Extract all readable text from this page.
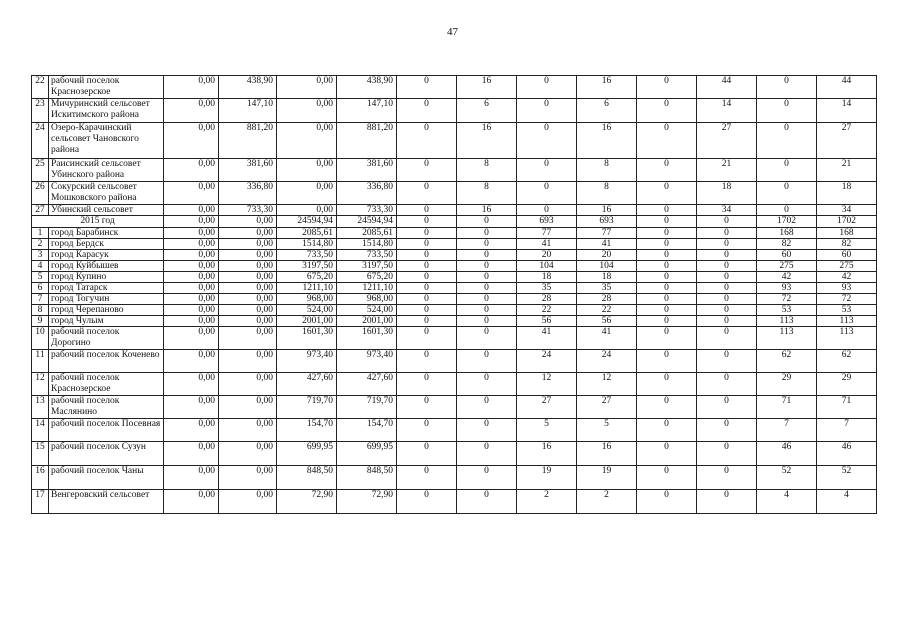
47
22	рабочий поселок Краснозерское	0,00	438,90	0,00	438,90	0	16	0	16	0	44	0	44
23	Мичуринский сельсовет Искитимского района	0,00	147,10	0,00	147,10	0	6	0	6	0	14	0	14
24	Озеро-Карачинский сельсовет Чановского района	0,00	881,20	0,00	881,20	0	16	0	16	0	27	0	27
25	Раисинский сельсовет Убинского района	0,00	381,60	0,00	381,60	0	8	0	8	0	21	0	21
26	Сокурский сельсовет Мошковского района	0,00	336,80	0,00	336,80	0	8	0	8	0	18	0	18
27	Убинский сельсовет	0,00	733,30	0,00	733,30	0	16	0	16	0	34	0	34
2015 год		0,00	0,00	24594,94	24594,94	0	0	693	693	0	0	1702	1702
1	город Барабинск	0,00	0,00	2085,61	2085,61	0	0	77	77	0	0	168	168
2	город Бердск	0,00	0,00	1514,80	1514,80	0	0	41	41	0	0	82	82
3	город Карасук	0,00	0,00	733,50	733,50	0	0	20	20	0	0	60	60
4	город Куйбышев	0,00	0,00	3197,50	3197,50	0	0	104	104	0	0	275	275
5	город Купино	0,00	0,00	675,20	675,20	0	0	18	18	0	0	42	42
6	город Татарск	0,00	0,00	1211,10	1211,10	0	0	35	35	0	0	93	93
7	город Тогучин	0,00	0,00	968,00	968,00	0	0	28	28	0	0	72	72
8	город Черепаново	0,00	0,00	524,00	524,00	0	0	22	22	0	0	53	53
9	город Чулым	0,00	0,00	2001,00	2001,00	0	0	56	56	0	0	113	113
10	рабочий поселок Дорогино	0,00	0,00	1601,30	1601,30	0	0	41	41	0	0	113	113
11	рабочий поселок Коченево	0,00	0,00	973,40	973,40	0	0	24	24	0	0	62	62
12	рабочий поселок Краснозерское	0,00	0,00	427,60	427,60	0	0	12	12	0	0	29	29
13	рабочий поселок Маслянино	0,00	0,00	719,70	719,70	0	0	27	27	0	0	71	71
14	рабочий поселок Посевная	0,00	0,00	154,70	154,70	0	0	5	5	0	0	7	7
15	рабочий поселок Сузун	0,00	0,00	699,95	699,95	0	0	16	16	0	0	46	46
16	рабочий поселок Чаны	0,00	0,00	848,50	848,50	0	0	19	19	0	0	52	52
17	Венгеровский сельсовет	0,00	0,00	72,90	72,90	0	0	2	2	0	0	4	4
